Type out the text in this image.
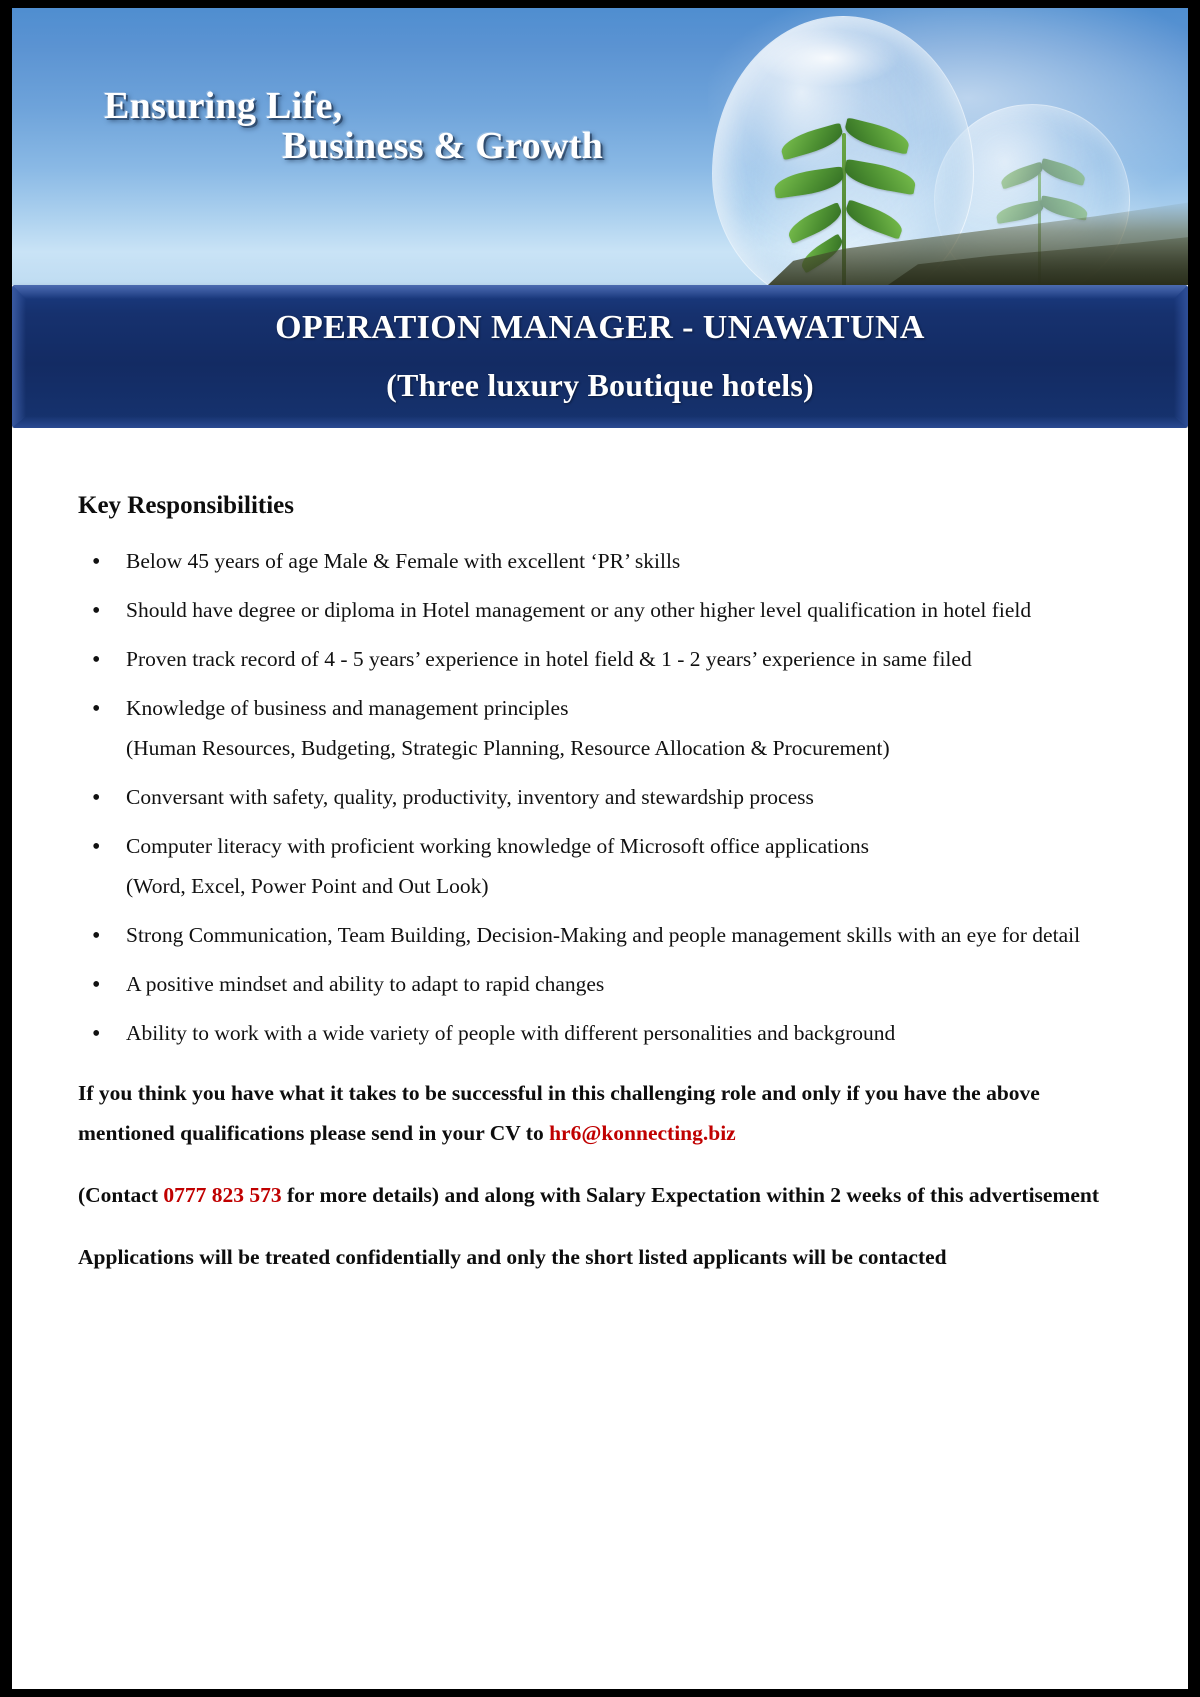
Ensuring Life,
Business & Growth
OPERATION MANAGER - UNAWATUNA
(Three luxury Boutique hotels)
Key Responsibilities
• Below 45 years of age Male & Female with excellent ‘PR’ skills
• Should have degree or diploma in Hotel management or any other higher level qualification in hotel field
• Proven track record of 4 - 5 years’ experience in hotel field & 1 - 2 years’ experience in same filed
• Knowledge of business and management principles
(Human Resources, Budgeting, Strategic Planning, Resource Allocation & Procurement)
• Conversant with safety, quality, productivity, inventory and stewardship process
• Computer literacy with proficient working knowledge of Microsoft office applications
(Word, Excel, Power Point and Out Look)
• Strong Communication, Team Building, Decision-Making and people management skills with an eye for detail
• A positive mindset and ability to adapt to rapid changes
• Ability to work with a wide variety of people with different personalities and background

If you think you have what it takes to be successful in this challenging role and only if you have the above mentioned qualifications please send in your CV to hr6@konnecting.biz

(Contact 0777 823 573 for more details) and along with Salary Expectation within 2 weeks of this advertisement

Applications will be treated confidentially and only the short listed applicants will be contacted
